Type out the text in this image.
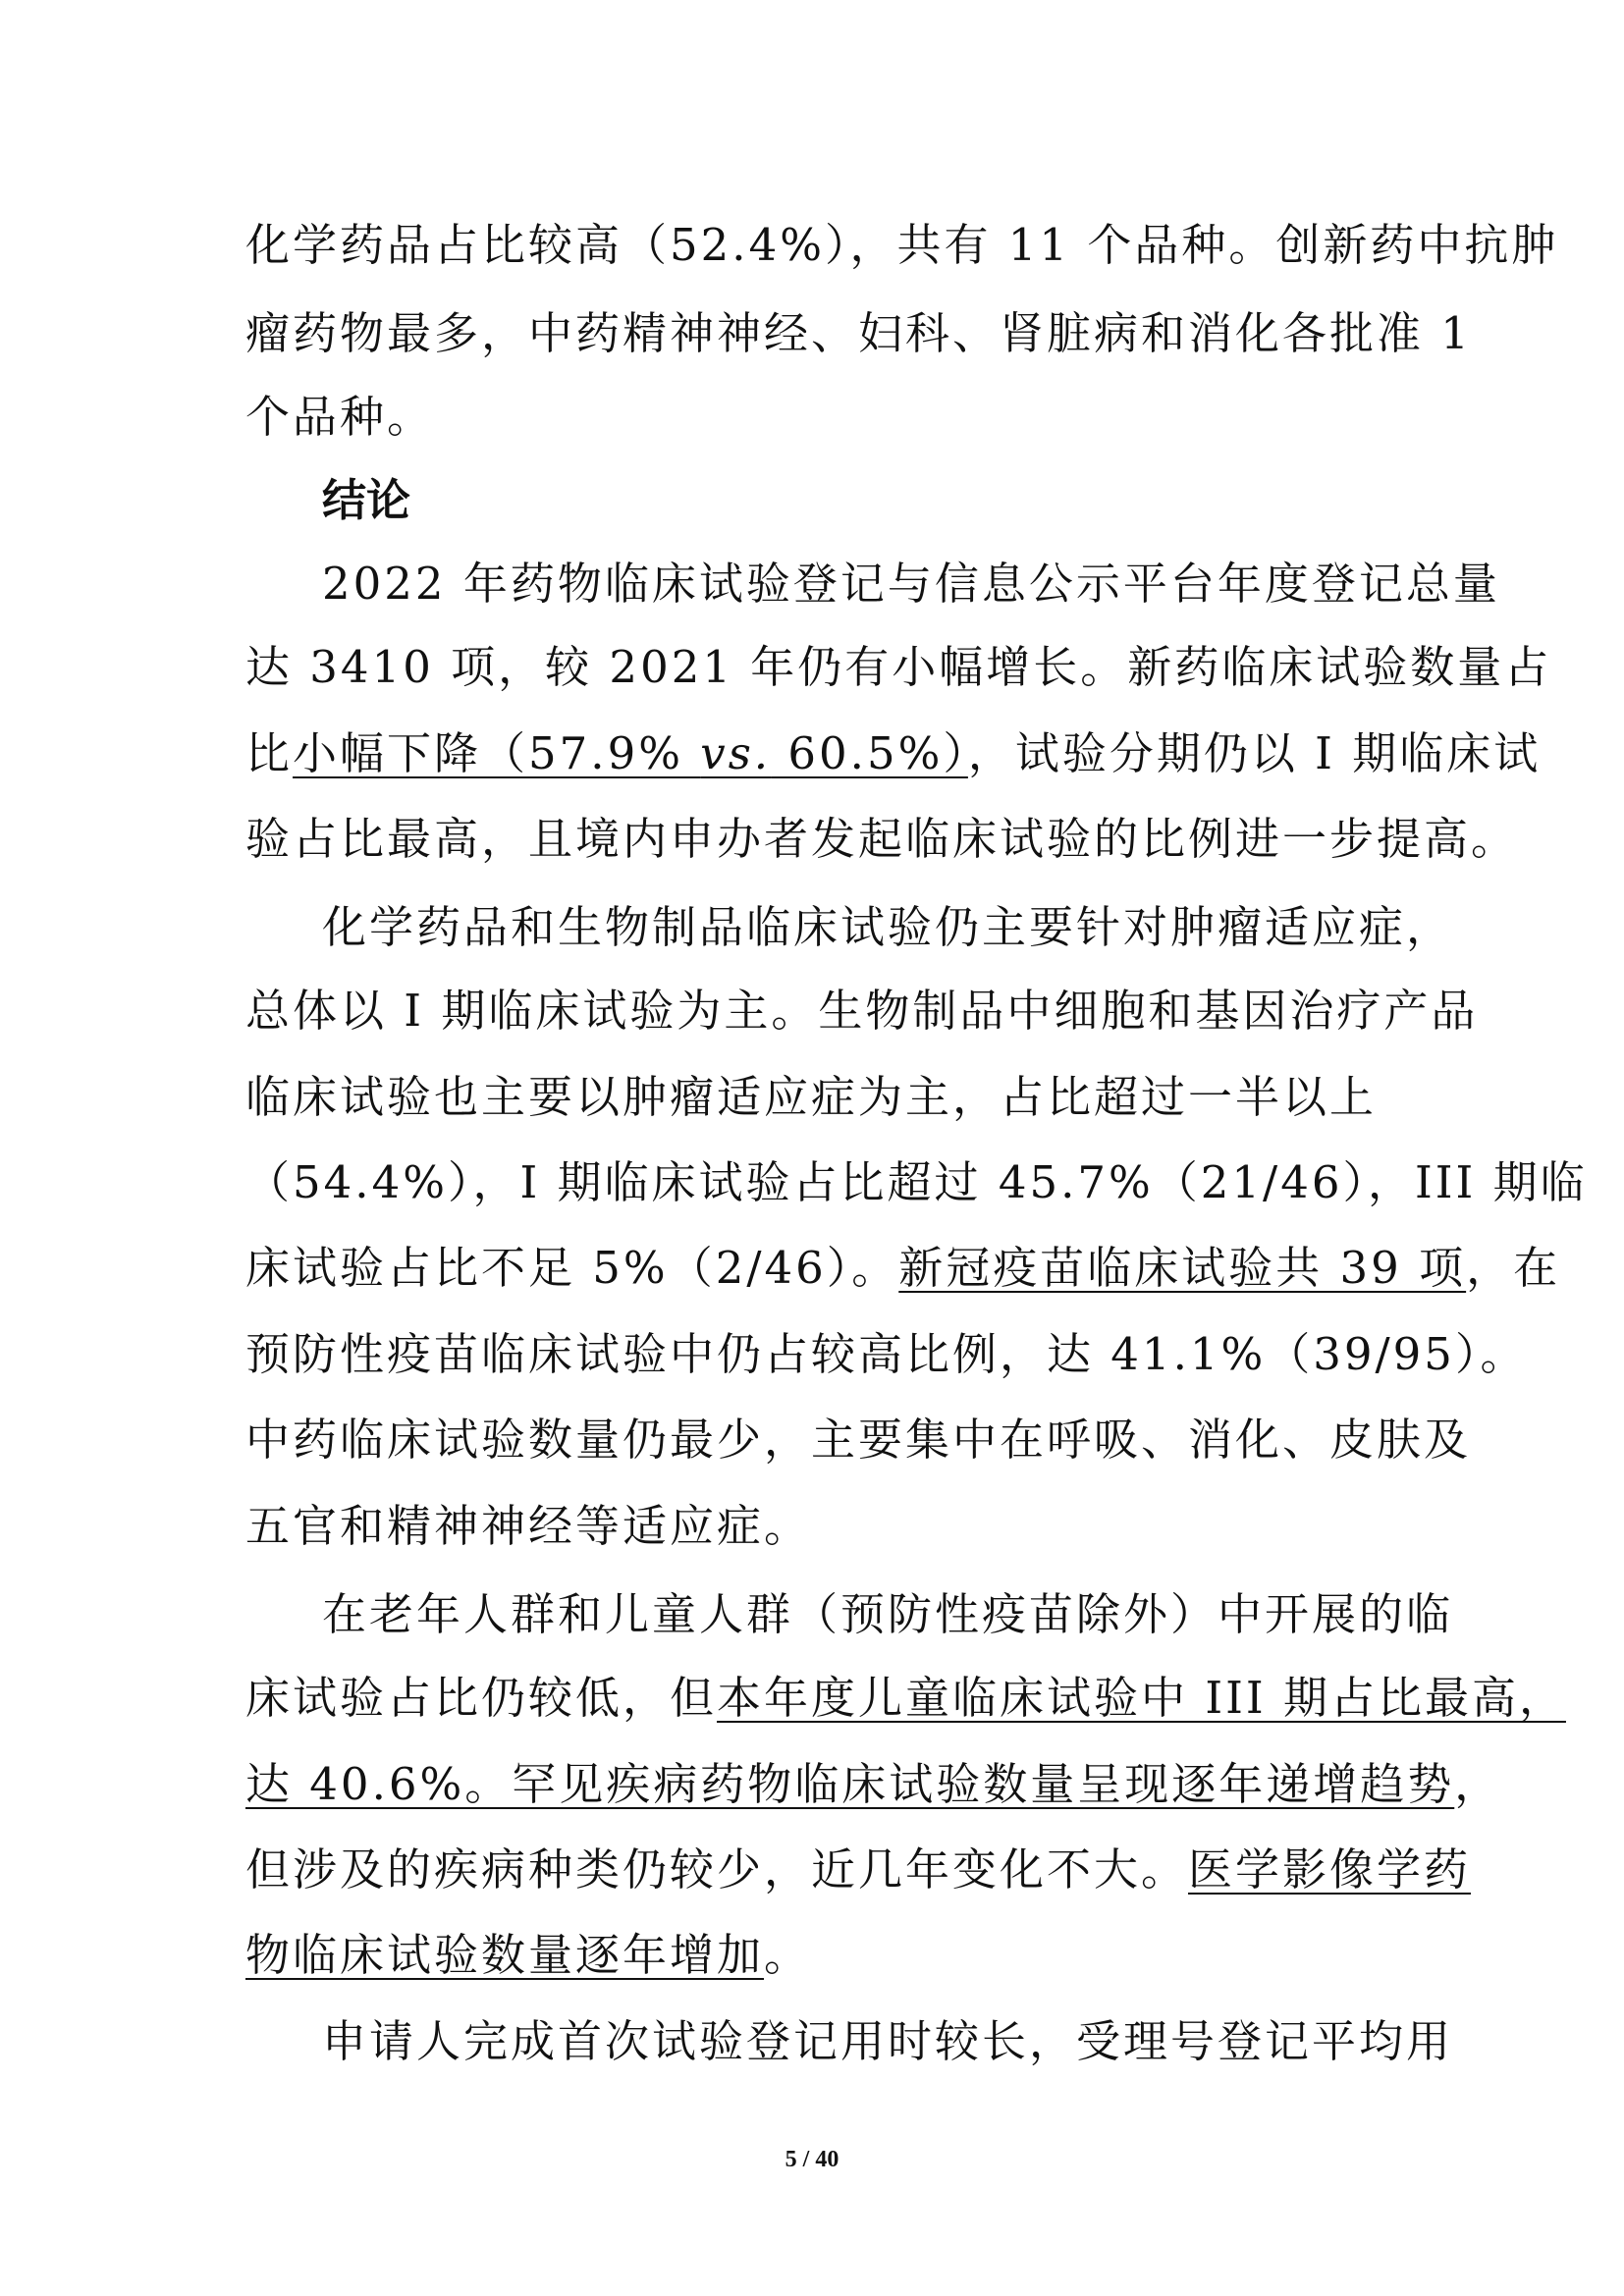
化学药品占比较高（52.4%），共有 11 个品种。创新药中抗肿
瘤药物最多，中药精神神经、妇科、肾脏病和消化各批准 1
个品种。
结论
2022 年药物临床试验登记与信息公示平台年度登记总量
达 3410 项，较 2021 年仍有小幅增长。新药临床试验数量占
比小幅下降（57.9% vs. 60.5%），试验分期仍以 I 期临床试
验占比最高，且境内申办者发起临床试验的比例进一步提高。
化学药品和生物制品临床试验仍主要针对肿瘤适应症，
总体以 I 期临床试验为主。生物制品中细胞和基因治疗产品
临床试验也主要以肿瘤适应症为主，占比超过一半以上
（54.4%），I 期临床试验占比超过 45.7%（21/46），III 期临
床试验占比不足 5%（2/46）。新冠疫苗临床试验共 39 项，在
预防性疫苗临床试验中仍占较高比例，达 41.1%（39/95）。
中药临床试验数量仍最少，主要集中在呼吸、消化、皮肤及
五官和精神神经等适应症。
在老年人群和儿童人群（预防性疫苗除外）中开展的临
床试验占比仍较低，但本年度儿童临床试验中 III 期占比最高，
达 40.6%。罕见疾病药物临床试验数量呈现逐年递增趋势，
但涉及的疾病种类仍较少，近几年变化不大。医学影像学药
物临床试验数量逐年增加。
申请人完成首次试验登记用时较长，受理号登记平均用
5 / 40
